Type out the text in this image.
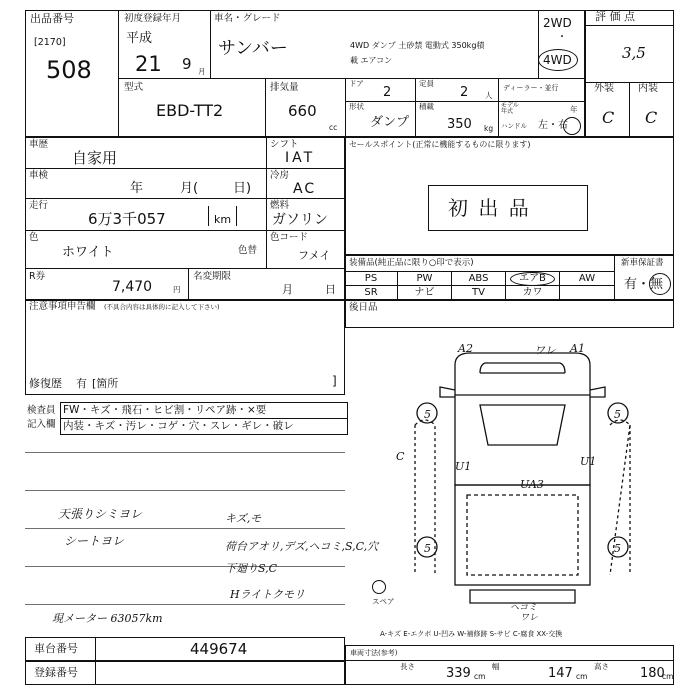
出品番号
[2170]
508
初度登録年月
平成
21 9 月
車名・グレード
サンバー	4WD ダンプ 土砂禁 電動式 350kg積
載 エアコン
2WD
・
4WD
型式
EBD-TT2
排気量
660
cc
ドア
2
定員
2 人
形状
ダンプ
積載
350 kg
ディーラー・並行
モデル年式	年
ハンドル 左・右
評 価 点
3,5
外装 内装
C C
車歴
自家用
シフト
IAT
車検
年	月(	日)
冷房
AC
走行
6万3千057	km
燃料
ガソリン
色
ホワイト	色替
色コード
フメイ
R券
7,470	円
名変期限
月	日
セールスポイント(正常に機能するものに限ります)
初 出 品
装備品(純正品に限り○印で表示)	新車保証書
PS	PW	ABS	エアB	AW
SR	ナビ	TV	カワ
有・無
注意事項申告欄 (不具合内容は具体的に記入して下さい)
修復歴 有 [箇所	]
後日品
検査員
記入欄
FW・キズ・飛石・ヒビ割・リペア跡・×要
内装・キズ・汚レ・コゲ・穴・スレ・ギレ・破レ
天張りシミヨレ
シートヨレ
キズ,モ
荷台アオリ,デズ,ヘコミ,S,C,穴
下廻りS,C
Hライトクモリ
現メーター 63057km
スペア
A2	ワレ A1
5	5
5	5
C
U1
UA3
U1
ヘコミ
ワレ
A-キズ E-エクボ U-凹み W-補修跡 S-サビ C-腐食 XX-交換
車台番号	449674
登録番号
車両寸法(参考)
長さ 339 cm
幅	147 cm
高さ 180
cm
